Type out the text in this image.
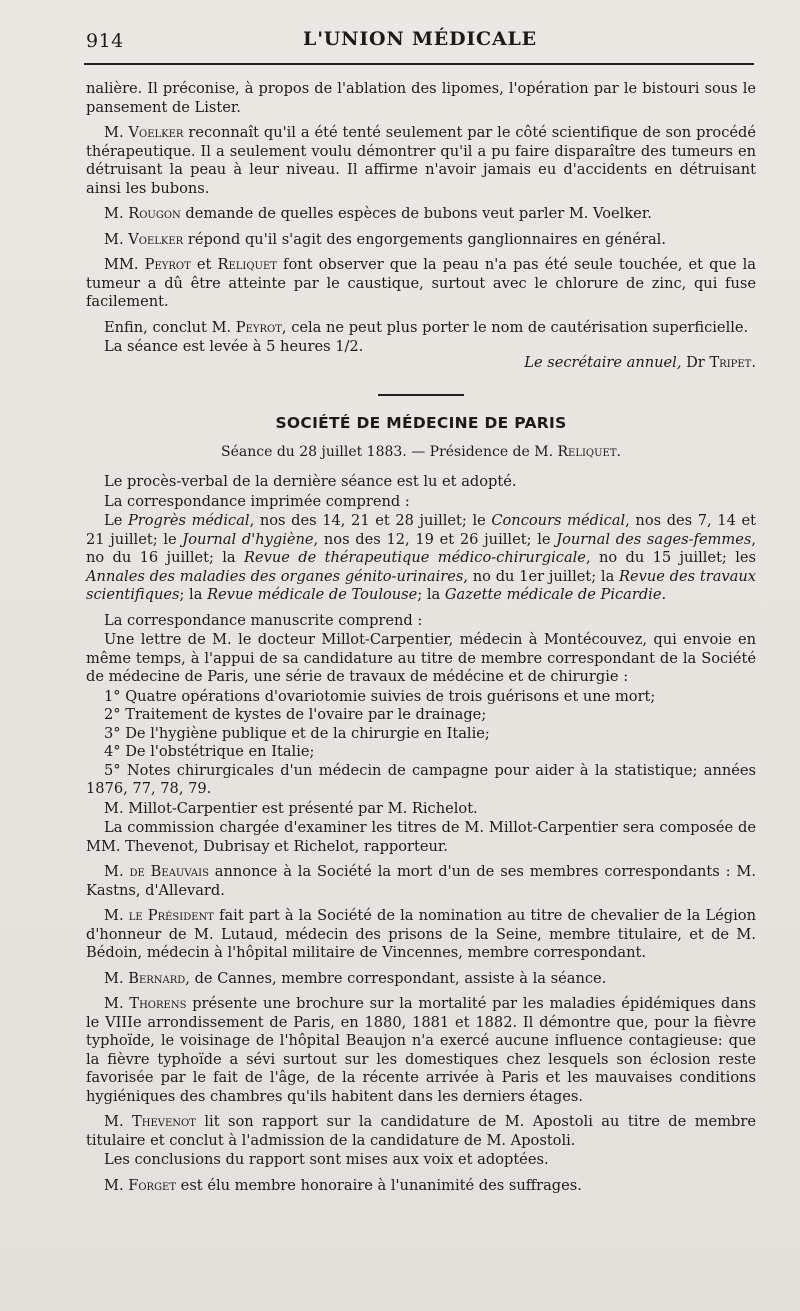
914	L'UNION MÉDICALE

nalière. Il préconise, à propos de l'ablation des lipomes, l'opération par le bistouri sous le pansement de Lister.

M. Voelker reconnaît qu'il a été tenté seulement par le côté scientifique de son procédé thérapeutique. Il a seulement voulu démontrer qu'il a pu faire disparaître des tumeurs en détruisant la peau à leur niveau. Il affirme n'avoir jamais eu d'accidents en détruisant ainsi les bubons.

M. Rougon demande de quelles espèces de bubons veut parler M. Voelker.

M. Voelker répond qu'il s'agit des engorgements ganglionnaires en général.

MM. Peyrot et Reliquet font observer que la peau n'a pas été seule touchée, et que la tumeur a dû être atteinte par le caustique, surtout avec le chlorure de zinc, qui fuse facilement.

Enfin, conclut M. Peyrot, cela ne peut plus porter le nom de cautérisation superficielle.

La séance est levée à 5 heures 1/2.

Le secrétaire annuel, Dr Tripet.

SOCIÉTÉ DE MÉDECINE DE PARIS
Séance du 28 juillet 1883. — Présidence de M. Reliquet.

Le procès-verbal de la dernière séance est lu et adopté.

La correspondance imprimée comprend :

Le Progrès médical, nos des 14, 21 et 28 juillet; le Concours médical, nos des 7, 14 et 21 juillet; le Journal d'hygiène, nos des 12, 19 et 26 juillet; le Journal des sages-femmes, no du 16 juillet; la Revue de thérapeutique médico-chirurgicale, no du 15 juillet; les Annales des maladies des organes génito-urinaires, no du 1er juillet; la Revue des travaux scientifiques; la Revue médicale de Toulouse; la Gazette médicale de Picardie.

La correspondance manuscrite comprend :

Une lettre de M. le docteur Millot-Carpentier, médecin à Montécouvez, qui envoie en même temps, à l'appui de sa candidature au titre de membre correspondant de la Société de médecine de Paris, une série de travaux de médécine et de chirurgie :

1° Quatre opérations d'ovariotomie suivies de trois guérisons et une mort;

2° Traitement de kystes de l'ovaire par le drainage;

3° De l'hygiène publique et de la chirurgie en Italie;

4° De l'obstétrique en Italie;

5° Notes chirurgicales d'un médecin de campagne pour aider à la statistique; années 1876, 77, 78, 79.

M. Millot-Carpentier est présenté par M. Richelot.

La commission chargée d'examiner les titres de M. Millot-Carpentier sera composée de MM. Thevenot, Dubrisay et Richelot, rapporteur.

M. de Beauvais annonce à la Société la mort d'un de ses membres correspondants : M. Kastns, d'Allevard.

M. le Président fait part à la Société de la nomination au titre de chevalier de la Légion d'honneur de M. Lutaud, médecin des prisons de la Seine, membre titulaire, et de M. Bédoin, médecin à l'hôpital militaire de Vincennes, membre correspondant.

M. Bernard, de Cannes, membre correspondant, assiste à la séance.

M. Thorens présente une brochure sur la mortalité par les maladies épidémiques dans le VIIIe arrondissement de Paris, en 1880, 1881 et 1882. Il démontre que, pour la fièvre typhoïde, le voisinage de l'hôpital Beaujon n'a exercé aucune influence contagieuse: que la fièvre typhoïde a sévi surtout sur les domestiques chez lesquels son éclosion reste favorisée par le fait de l'âge, de la récente arrivée à Paris et les mauvaises conditions hygiéniques des chambres qu'ils habitent dans les derniers étages.

M. Thevenot lit son rapport sur la candidature de M. Apostoli au titre de membre titulaire et conclut à l'admission de la candidature de M. Apostoli.

Les conclusions du rapport sont mises aux voix et adoptées.

M. Forget est élu membre honoraire à l'unanimité des suffrages.
